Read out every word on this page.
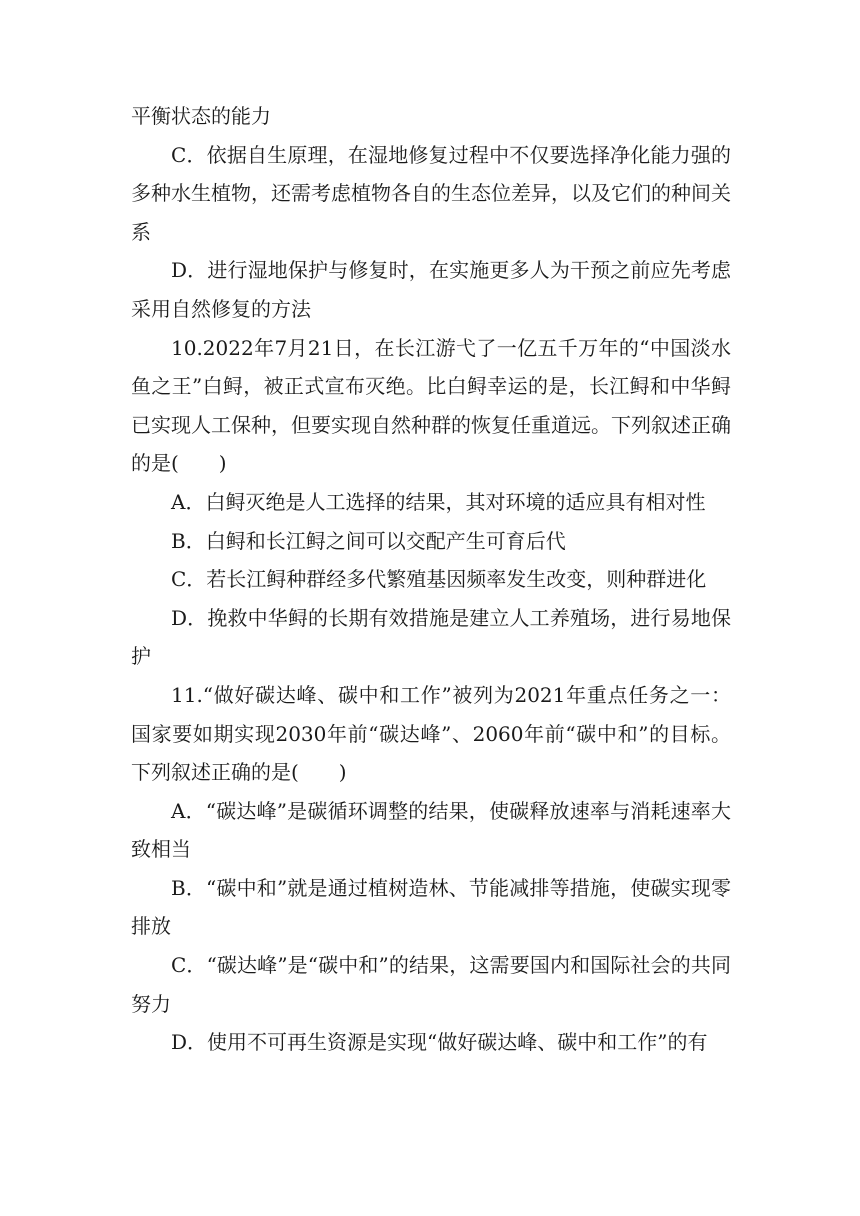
平衡状态的能力

C．依据自生原理，在湿地修复过程中不仅要选择净化能力强的多种水生植物，还需考虑植物各自的生态位差异，以及它们的种间关系

D．进行湿地保护与修复时，在实施更多人为干预之前应先考虑采用自然修复的方法

10.2022年7月21日，在长江游弋了一亿五千万年的“中国淡水鱼之王”白鲟，被正式宣布灭绝。比白鲟幸运的是，长江鲟和中华鲟已实现人工保种，但要实现自然种群的恢复任重道远。下列叙述正确的是(　　)

A．白鲟灭绝是人工选择的结果，其对环境的适应具有相对性

B．白鲟和长江鲟之间可以交配产生可育后代

C．若长江鲟种群经多代繁殖基因频率发生改变，则种群进化

D．挽救中华鲟的长期有效措施是建立人工养殖场，进行易地保护

11.“做好碳达峰、碳中和工作”被列为2021年重点任务之一：国家要如期实现2030年前“碳达峰”、2060年前“碳中和”的目标。下列叙述正确的是(　　)

A．“碳达峰”是碳循环调整的结果，使碳释放速率与消耗速率大致相当

B．“碳中和”就是通过植树造林、节能减排等措施，使碳实现零排放

C．“碳达峰”是“碳中和”的结果，这需要国内和国际社会的共同努力

D．使用不可再生资源是实现“做好碳达峰、碳中和工作”的有
